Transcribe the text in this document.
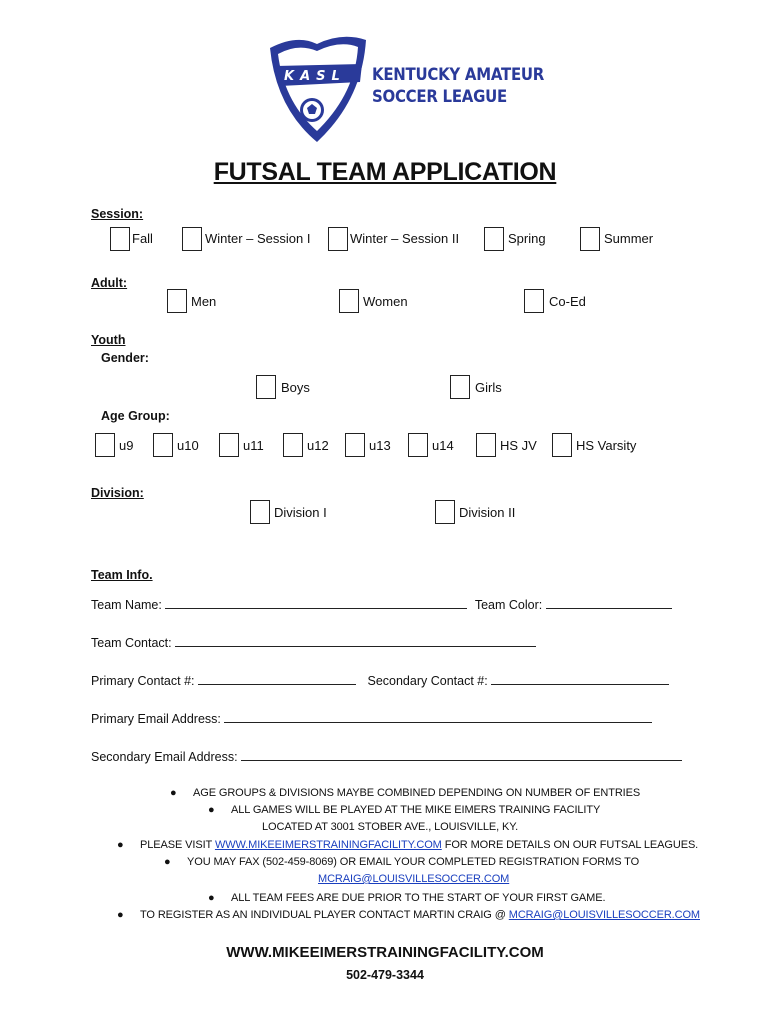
KASL KENTUCKY AMATEUR
SOCCER LEAGUE
FUTSAL TEAM APPLICATION
Session:
Fall	Winter – Session I	Winter – Session II	Spring	Summer
Adult:
Men	Women	Co-Ed
Youth
Gender:
Boys	Girls
Age Group:
u9	u10	u11	u12	u13	u14	HS JV	HS Varsity
Division:
Division I	Division II
Team Info.
Team Name:	Team Color:
Team Contact:
Primary Contact #:	Secondary Contact #:
Primary Email Address:
Secondary Email Address:
● AGE GROUPS & DIVISIONS MAYBE COMBINED DEPENDING ON NUMBER OF ENTRIES
● ALL GAMES WILL BE PLAYED AT THE MIKE EIMERS TRAINING FACILITY
LOCATED AT 3001 STOBER AVE., LOUISVILLE, KY.
● PLEASE VISIT WWW.MIKEEIMERSTRAININGFACILITY.COM FOR MORE DETAILS ON OUR FUTSAL LEAGUES.
● YOU MAY FAX (502-459-8069) OR EMAIL YOUR COMPLETED REGISTRATION FORMS TO
MCRAIG@LOUISVILLESOCCER.COM
● ALL TEAM FEES ARE DUE PRIOR TO THE START OF YOUR FIRST GAME.
● TO REGISTER AS AN INDIVIDUAL PLAYER CONTACT MARTIN CRAIG @ MCRAIG@LOUISVILLESOCCER.COM
WWW.MIKEEIMERSTRAININGFACILITY.COM
502-479-3344
